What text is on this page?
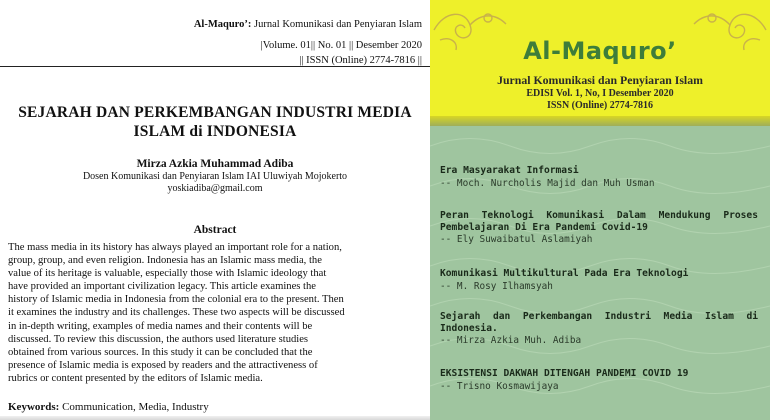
Al-Maquro’: Jurnal Komunikasi dan Penyiaran Islam
|Volume. 01|| No. 01 || Desember 2020
|| ISSN (Online) 2774-7816 ||
SEJARAH DAN PERKEMBANGAN INDUSTRI MEDIA
ISLAM di INDONESIA
Mirza Azkia Muhammad Adiba
Dosen Komunikasi dan Penyiaran Islam IAI Uluwiyah Mojokerto
yoskiadiba@gmail.com
Abstract
The mass media in its history has always played an important role for a nation,
group, group, and even religion. Indonesia has an Islamic mass media, the
value of its heritage is valuable, especially those with Islamic ideology that
have provided an important civilization legacy. This article examines the
history of Islamic media in Indonesia from the colonial era to the present. Then
it examines the industry and its challenges. These two aspects will be discussed
in in-depth writing, examples of media names and their contents will be
discussed. To review this discussion, the authors used literature studies
obtained from various sources. In this study it can be concluded that the
presence of Islamic media is exposed by readers and the attractiveness of
rubrics or content presented by the editors of Islamic media.
Keywords: Communication, Media, Industry
Al-Maquro’
Jurnal Komunikasi dan Penyiaran Islam
EDISI Vol. 1, No, I Desember 2020
ISSN (Online) 2774-7816
Era Masyarakat Informasi
-- Moch. Nurcholis Majid dan Muh Usman
Peran Teknologi Komunikasi Dalam Mendukung Proses Pembelajaran Di Era Pandemi Covid-19
-- Ely Suwaibatul Aslamiyah
Komunikasi Multikultural Pada Era Teknologi
-- M. Rosy Ilhamsyah
Sejarah dan Perkembangan Industri Media Islam di Indonesia.
-- Mirza Azkia Muh. Adiba
EKSISTENSI DAKWAH DITENGAH PANDEMI COVID 19
-- Trisno Kosmawijaya
